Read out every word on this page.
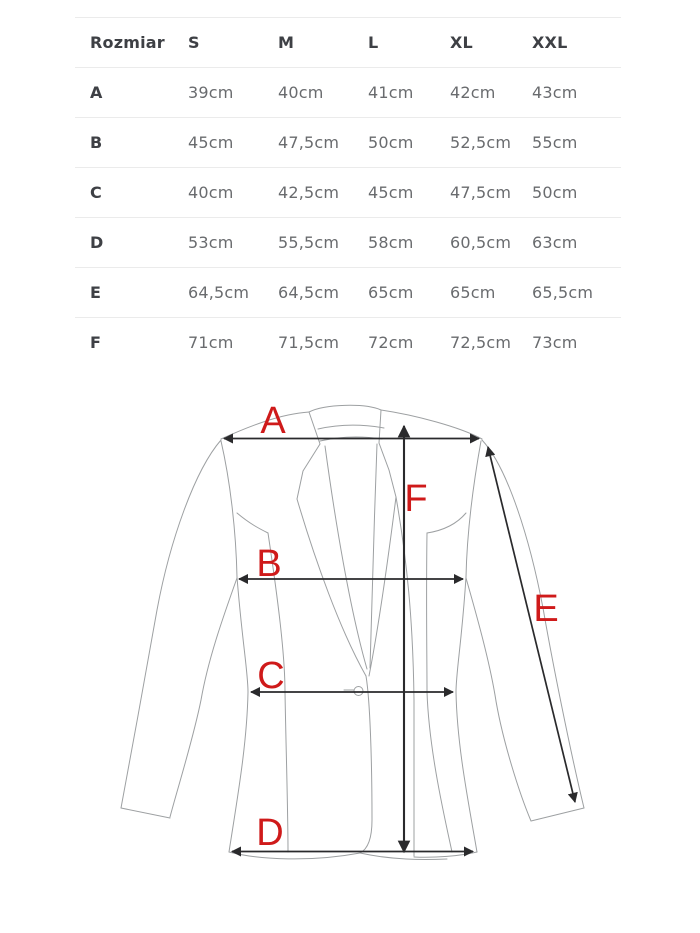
Rozmiar	S	M	L	XL	XXL
A	39cm	40cm	41cm	42cm	43cm
B	45cm	47,5cm	50cm	52,5cm	55cm
C	40cm	42,5cm	45cm	47,5cm	50cm
D	53cm	55,5cm	58cm	60,5cm	63cm
E	64,5cm	64,5cm	65cm	65cm	65,5cm
F	71cm	71,5cm	72cm	72,5cm	73cm
A
B
C
D
E
F
